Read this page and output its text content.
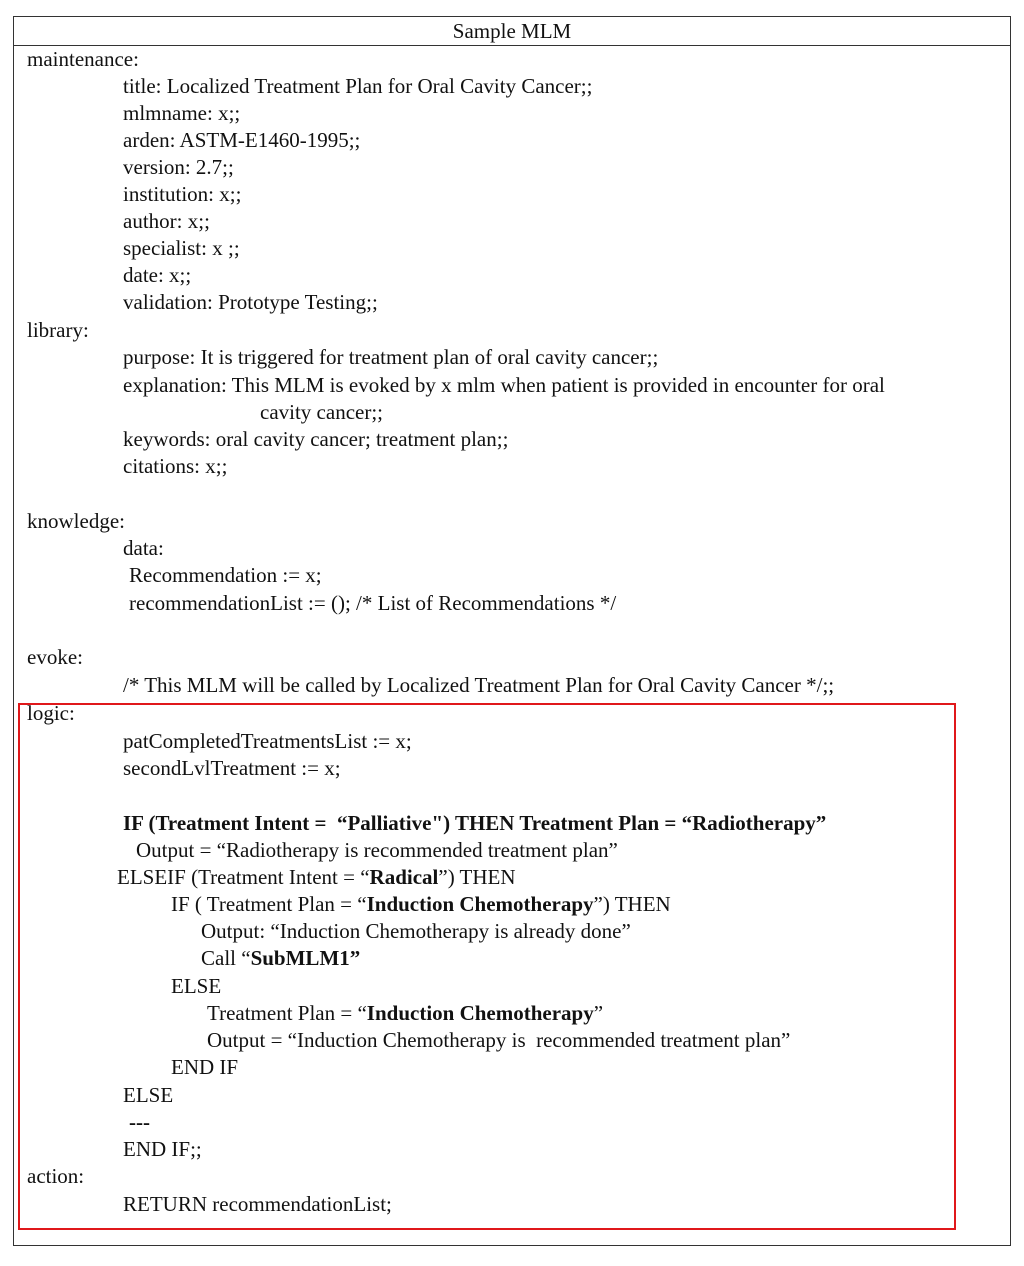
Sample MLM
maintenance:
title: Localized Treatment Plan for Oral Cavity Cancer;;
mlmname: x;;
arden: ASTM-E1460-1995;;
version: 2.7;;
institution: x;;
author: x;;
specialist: x ;;
date: x;;
validation: Prototype Testing;;
library:
purpose: It is triggered for treatment plan of oral cavity cancer;;
explanation: This MLM is evoked by x mlm when patient is provided in encounter for oral
cavity cancer;;
keywords: oral cavity cancer; treatment plan;;
citations: x;;
knowledge:
data:
Recommendation := x;
recommendationList := (); /* List of Recommendations */
evoke:
/* This MLM will be called by Localized Treatment Plan for Oral Cavity Cancer */;;
logic:
patCompletedTreatmentsList := x;
secondLvlTreatment := x;
IF (Treatment Intent =  “Palliative") THEN Treatment Plan = “Radiotherapy”
Output = “Radiotherapy is recommended treatment plan”
ELSEIF (Treatment Intent = “Radical”) THEN
IF ( Treatment Plan = “Induction Chemotherapy”) THEN
Output: “Induction Chemotherapy is already done”
Call “SubMLM1”
ELSE
Treatment Plan = “Induction Chemotherapy”
Output = “Induction Chemotherapy is  recommended treatment plan”
END IF
ELSE
---
END IF;;
action:
RETURN recommendationList;
